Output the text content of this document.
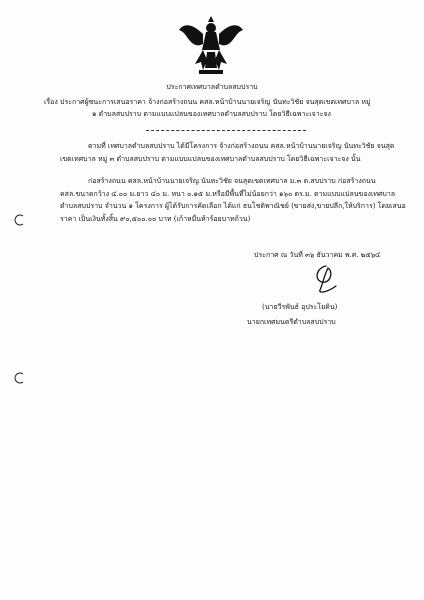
ประกาศเทศบาลตำบลสบปราบ
เรื่อง ประกาศผู้ชนะการเสนอราคา จ้างก่อสร้างถนน คสล.หน้าบ้านนายเจริญ นันทะวิชัย จนสุดเขตเทศบาล หมู่
๑ ตำบลสบปราบ ตามแบบแปลนของเทศบาลตำบลสบปราบ โดยวิธีเฉพาะเจาะจง
ตามที่ เทศบาลตำบลสบปราบ ได้มีโครงการ จ้างก่อสร้างถนน คสล.หน้าบ้านนายเจริญ นันทะวิชัย จนสุด
เขตเทศบาล หมู่ ๓ ตำบลสบปราบ ตามแบบแปลนของเทศบาลตำบลสบปราบ โดยวิธีเฉพาะเจาะจง นั้น
ก่อสร้างถนน คสล.หน้าบ้านนายเจริญ นันทะวิชัย จนสุดเขตเทศบาล ม.๓ ต.สบปราบ ก่อสร้างถนน
คสล.ขนาดกว้าง ๔.๐๐ ม.ยาว ๔๐ ม. หนา ๐.๑๕ ม.หรือมีพื้นที่ไม่น้อยกว่า ๑๖๐ ตร.ม. ตามแบบแปลนของเทศบาล
ตำบลสบปราบ จำนวน ๑ โครงการ ผู้ได้รับการคัดเลือก ได้แก่ ธนโชติพาณิชย์ (ขายส่ง,ขายปลีก,ให้บริการ) โดยเสนอ
ราคา เป็นเงินทั้งสิ้น ๙๐,๕๐๐.๐๐ บาท (เก้าหมื่นห้าร้อยบาทถ้วน)
ประกาศ ณ วันที่ ๓๖ ธันวาคม พ.ศ. ๒๕๖๔
(นายวีรพันธ์ อุประโยคิน)
นายกเทศมนตรีตำบลสบปราบ
